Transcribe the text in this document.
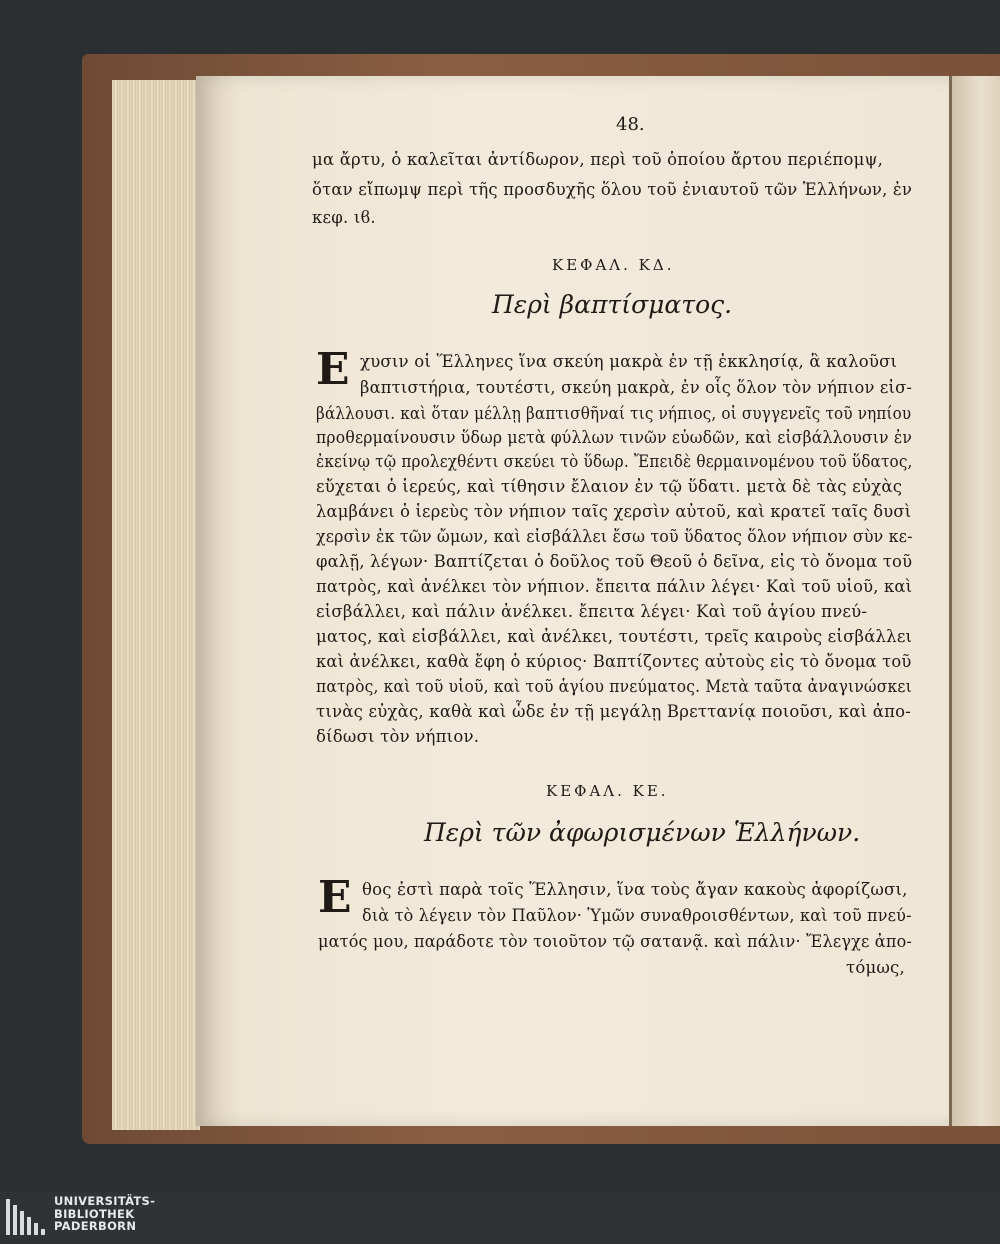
48.
μα ἄρτυ, ὁ καλεῖται ἀντίδωρον, περὶ τοῦ ὁποίου ἄρτου περιέπομψ,
ὅταν εἴπωμψ περὶ τῆς προσδυχῆς ὅλου τοῦ ἐνιαυτοῦ τῶν Ἑλλήνων, ἐν
κεφ. ιϐ.
ΚΕΦΑΛ. ΚΔ.
Περὶ βαπτίσματος.
Ε χυσιν οἱ Ἕλληνες ἵνα σκεύη μακρὰ ἐν τῇ ἐκκλησίᾳ, ἃ καλοῦσι
βαπτιστήρια, τουτέστι, σκεύη μακρὰ, ἐν οἷς ὅλον τὸν νήπιον εἰσ-
βάλλουσι. καὶ ὅταν μέλλῃ βαπτισθῆναί τις νήπιος, οἱ συγγενεῖς τοῦ νηπίου
προθερμαίνουσιν ὕδωρ μετὰ φύλλων τινῶν εὐωδῶν, καὶ εἰσβάλλουσιν ἐν
ἐκείνῳ τῷ προλεχθέντι σκεύει τὸ ὕδωρ. Ἔπειδὲ θερμαινομένου τοῦ ὕδατος,
εὔχεται ὁ ἱερεύς, καὶ τίθησιν ἔλαιον ἐν τῷ ὕδατι. μετὰ δὲ τὰς εὐχὰς
λαμβάνει ὁ ἱερεὺς τὸν νήπιον ταῖς χερσὶν αὐτοῦ, καὶ κρατεῖ ταῖς δυσὶ
χερσὶν ἐκ τῶν ὤμων, καὶ εἰσβάλλει ἔσω τοῦ ὕδατος ὅλον νήπιον σὺν κε-
φαλῇ, λέγων· Βαπτίζεται ὁ δοῦλος τοῦ Θεοῦ ὁ δεῖνα, εἰς τὸ ὄνομα τοῦ
πατρὸς, καὶ ἀνέλκει τὸν νήπιον. ἔπειτα πάλιν λέγει· Καὶ τοῦ υἱοῦ, καὶ
εἰσβάλλει, καὶ πάλιν ἀνέλκει. ἔπειτα λέγει· Καὶ τοῦ ἁγίου πνεύ-
ματος, καὶ εἰσβάλλει, καὶ ἀνέλκει, τουτέστι, τρεῖς καιροὺς εἰσβάλλει
καὶ ἀνέλκει, καθὰ ἔφη ὁ κύριος· Βαπτίζοντες αὐτοὺς εἰς τὸ ὄνομα τοῦ
πατρὸς, καὶ τοῦ υἱοῦ, καὶ τοῦ ἁγίου πνεύματος. Μετὰ ταῦτα ἀναγινώσκει
τινὰς εὐχὰς, καθὰ καὶ ὧδε ἐν τῇ μεγάλῃ Βρεττανίᾳ ποιοῦσι, καὶ ἀπο-
δίδωσι τὸν νήπιον.
ΚΕΦΑΛ. ΚΕ.
Περὶ τῶν ἀφωρισμένων Ἑλλήνων.
Ε θος ἐστὶ παρὰ τοῖς Ἕλλησιν, ἵνα τοὺς ἄγαν κακοὺς ἀφορίζωσι,
διὰ τὸ λέγειν τὸν Παῦλον· Ὑμῶν συναθροισθέντων, καὶ τοῦ πνεύ-
ματός μου, παράδοτε τὸν τοιοῦτον τῷ σατανᾷ. καὶ πάλιν· Ἔλεγχε ἀπο-
τόμως,
UNIVERSITÄTS-
BIBLIOTHEK
PADERBORN
